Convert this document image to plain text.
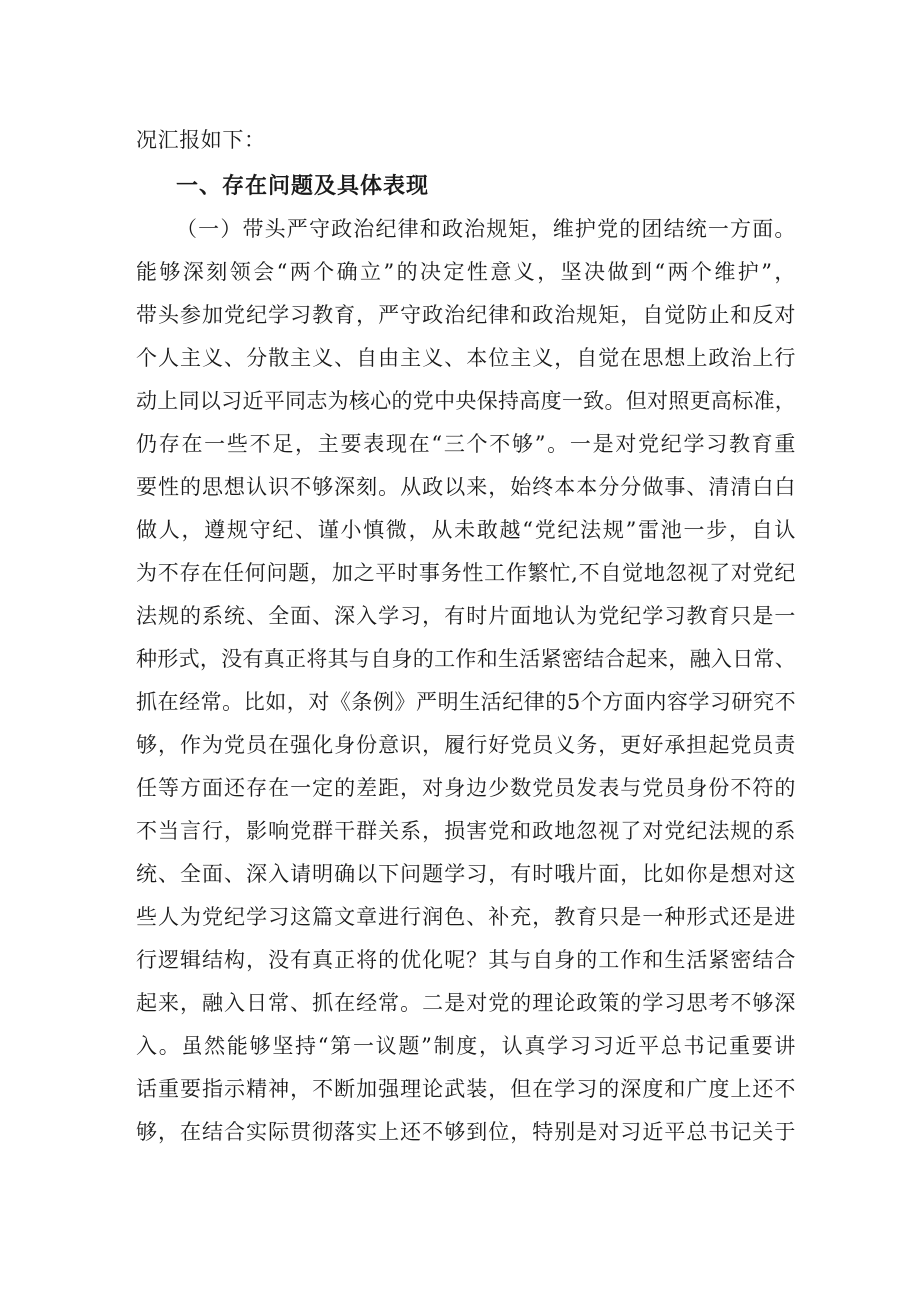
况汇报如下：
一、存在问题及具体表现
（一）带头严守政治纪律和政治规矩，维护党的团结统一方面。
能够深刻领会“两个确立”的决定性意义，坚决做到“两个维护”，
带头参加党纪学习教育，严守政治纪律和政治规矩，自觉防止和反对
个人主义、分散主义、自由主义、本位主义，自觉在思想上政治上行
动上同以习近平同志为核心的党中央保持高度一致。但对照更高标准，
仍存在一些不足，主要表现在“三个不够”。一是对党纪学习教育重
要性的思想认识不够深刻。从政以来，始终本本分分做事、清清白白
做人，遵规守纪、谨小慎微，从未敢越“党纪法规”雷池一步，自认
为不存在任何问题，加之平时事务性工作繁忙,不自觉地忽视了对党纪
法规的系统、全面、深入学习，有时片面地认为党纪学习教育只是一
种形式，没有真正将其与自身的工作和生活紧密结合起来，融入日常、
抓在经常。比如，对《条例》严明生活纪律的5个方面内容学习研究不
够，作为党员在强化身份意识，履行好党员义务，更好承担起党员责
任等方面还存在一定的差距，对身边少数党员发表与党员身份不符的
不当言行，影响党群干群关系，损害党和政地忽视了对党纪法规的系
统、全面、深入请明确以下问题学习，有时哦片面，比如你是想对这
些人为党纪学习这篇文章进行润色、补充，教育只是一种形式还是进
行逻辑结构，没有真正将的优化呢？其与自身的工作和生活紧密结合
起来，融入日常、抓在经常。二是对党的理论政策的学习思考不够深
入。虽然能够坚持“第一议题”制度，认真学习习近平总书记重要讲
话重要指示精神，不断加强理论武装，但在学习的深度和广度上还不
够，在结合实际贯彻落实上还不够到位，特别是对习近平总书记关于
